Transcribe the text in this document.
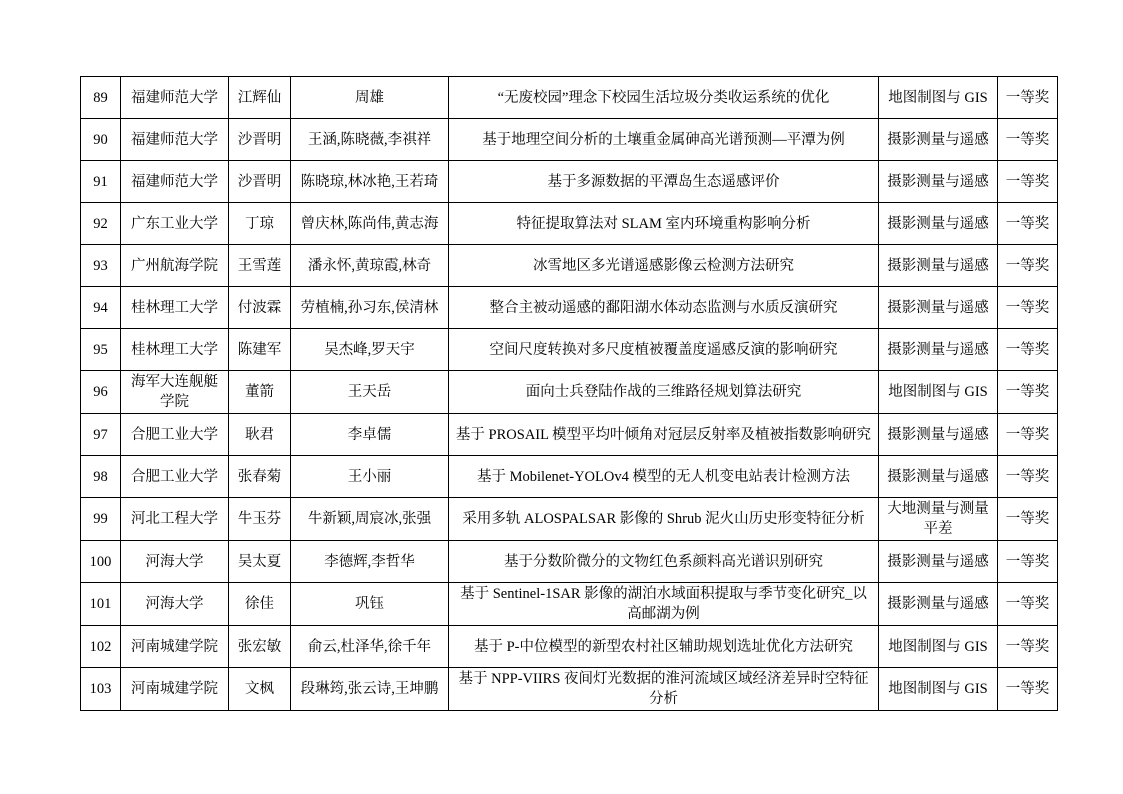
89	福建师范大学	江辉仙	周雄	“无废校园”理念下校园生活垃圾分类收运系统的优化	地图制图与 GIS	一等奖
90	福建师范大学	沙晋明	王涵,陈晓薇,李祺祥	基于地理空间分析的土壤重金属砷高光谱预测—平潭为例	摄影测量与遥感	一等奖
91	福建师范大学	沙晋明	陈晓琼,林冰艳,王若琦	基于多源数据的平潭岛生态遥感评价	摄影测量与遥感	一等奖
92	广东工业大学	丁琼	曾庆林,陈尚伟,黄志海	特征提取算法对 SLAM 室内环境重构影响分析	摄影测量与遥感	一等奖
93	广州航海学院	王雪莲	潘永怀,黄琼霞,林奇	冰雪地区多光谱遥感影像云检测方法研究	摄影测量与遥感	一等奖
94	桂林理工大学	付波霖	劳植楠,孙习东,侯清林	整合主被动遥感的鄱阳湖水体动态监测与水质反演研究	摄影测量与遥感	一等奖
95	桂林理工大学	陈建军	吴杰峰,罗天宇	空间尺度转换对多尺度植被覆盖度遥感反演的影响研究	摄影测量与遥感	一等奖
96	海军大连舰艇学院	董箭	王天岳	面向士兵登陆作战的三维路径规划算法研究	地图制图与 GIS	一等奖
97	合肥工业大学	耿君	李卓儒	基于 PROSAIL 模型平均叶倾角对冠层反射率及植被指数影响研究	摄影测量与遥感	一等奖
98	合肥工业大学	张春菊	王小丽	基于 Mobilenet-YOLOv4 模型的无人机变电站表计检测方法	摄影测量与遥感	一等奖
99	河北工程大学	牛玉芬	牛新颖,周宸冰,张强	采用多轨 ALOSPALSAR 影像的 Shrub 泥火山历史形变特征分析	大地测量与测量平差	一等奖
100	河海大学	吴太夏	李德辉,李哲华	基于分数阶微分的文物红色系颜料高光谱识别研究	摄影测量与遥感	一等奖
101	河海大学	徐佳	巩钰	基于 Sentinel-1SAR 影像的湖泊水域面积提取与季节变化研究_以高邮湖为例	摄影测量与遥感	一等奖
102	河南城建学院	张宏敏	俞云,杜泽华,徐千年	基于 P-中位模型的新型农村社区辅助规划选址优化方法研究	地图制图与 GIS	一等奖
103	河南城建学院	文枫	段琳筠,张云诗,王坤鹏	基于 NPP-VIIRS 夜间灯光数据的淮河流域区域经济差异时空特征分析	地图制图与 GIS	一等奖
